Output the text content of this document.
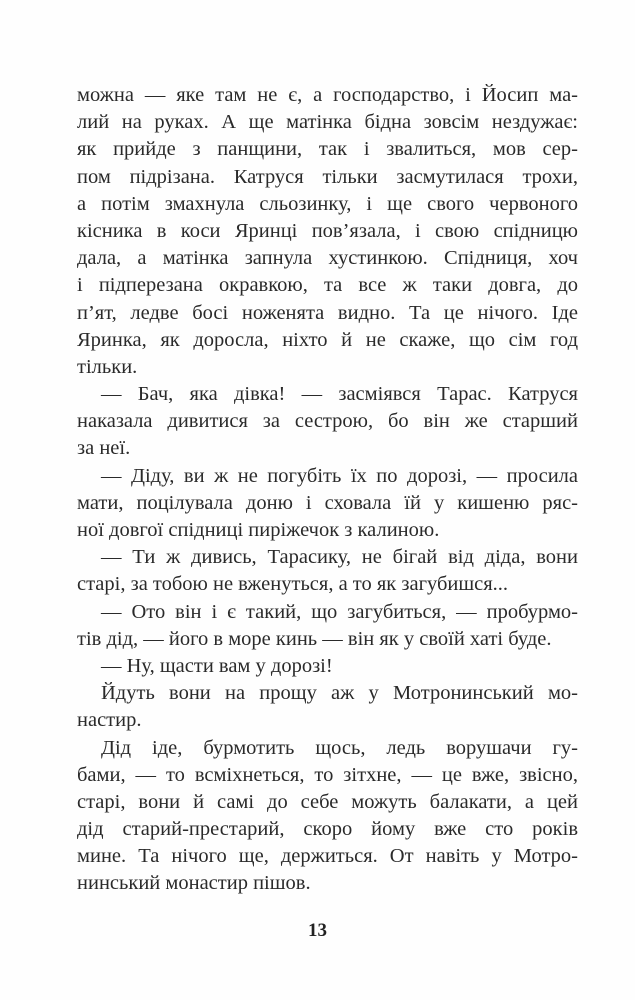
можна — яке там не є, а господарство, і Йосип ма-
лий на руках. А ще матінка бідна зовсім нездужає:
як прийде з панщини, так і звалиться, мов сер-
пом підрізана. Катруся тільки засмутилася трохи,
а потім змахнула сльозинку, і ще свого червоного
кісника в коси Яринці пов’язала, і свою спідницю
дала, а матінка запнула хустинкою. Спідниця, хоч
і підперезана окравкою, та все ж таки довга, до
п’ят, ледве босі ноженята видно. Та це нічого. Іде
Яринка, як доросла, ніхто й не скаже, що сім год
тільки.
— Бач, яка дівка! — засміявся Тарас. Катруся
наказала дивитися за сестрою, бо він же старший
за неї.
— Діду, ви ж не погубіть їх по дорозі, — просила
мати, поцілувала доню і сховала їй у кишеню ряс-
ної довгої спідниці пиріжечок з калиною.
— Ти ж дивись, Тарасику, не бігай від діда, вони
старі, за тобою не вженуться, а то як загубишся...
— Ото він і є такий, що загубиться, — пробурмо-
тів дід, — його в море кинь — він як у своїй хаті буде.
— Ну, щасти вам у дорозі!
Йдуть вони на прощу аж у Мотронинський мо-
настир.
Дід іде, бурмотить щось, ледь ворушачи гу-
бами, — то всміхнеться, то зітхне, — це вже, звісно,
старі, вони й самі до себе можуть балакати, а цей
дід старий-престарий, скоро йому вже сто років
мине. Та нічого ще, держиться. От навіть у Мотро-
нинський монастир пішов.
13
